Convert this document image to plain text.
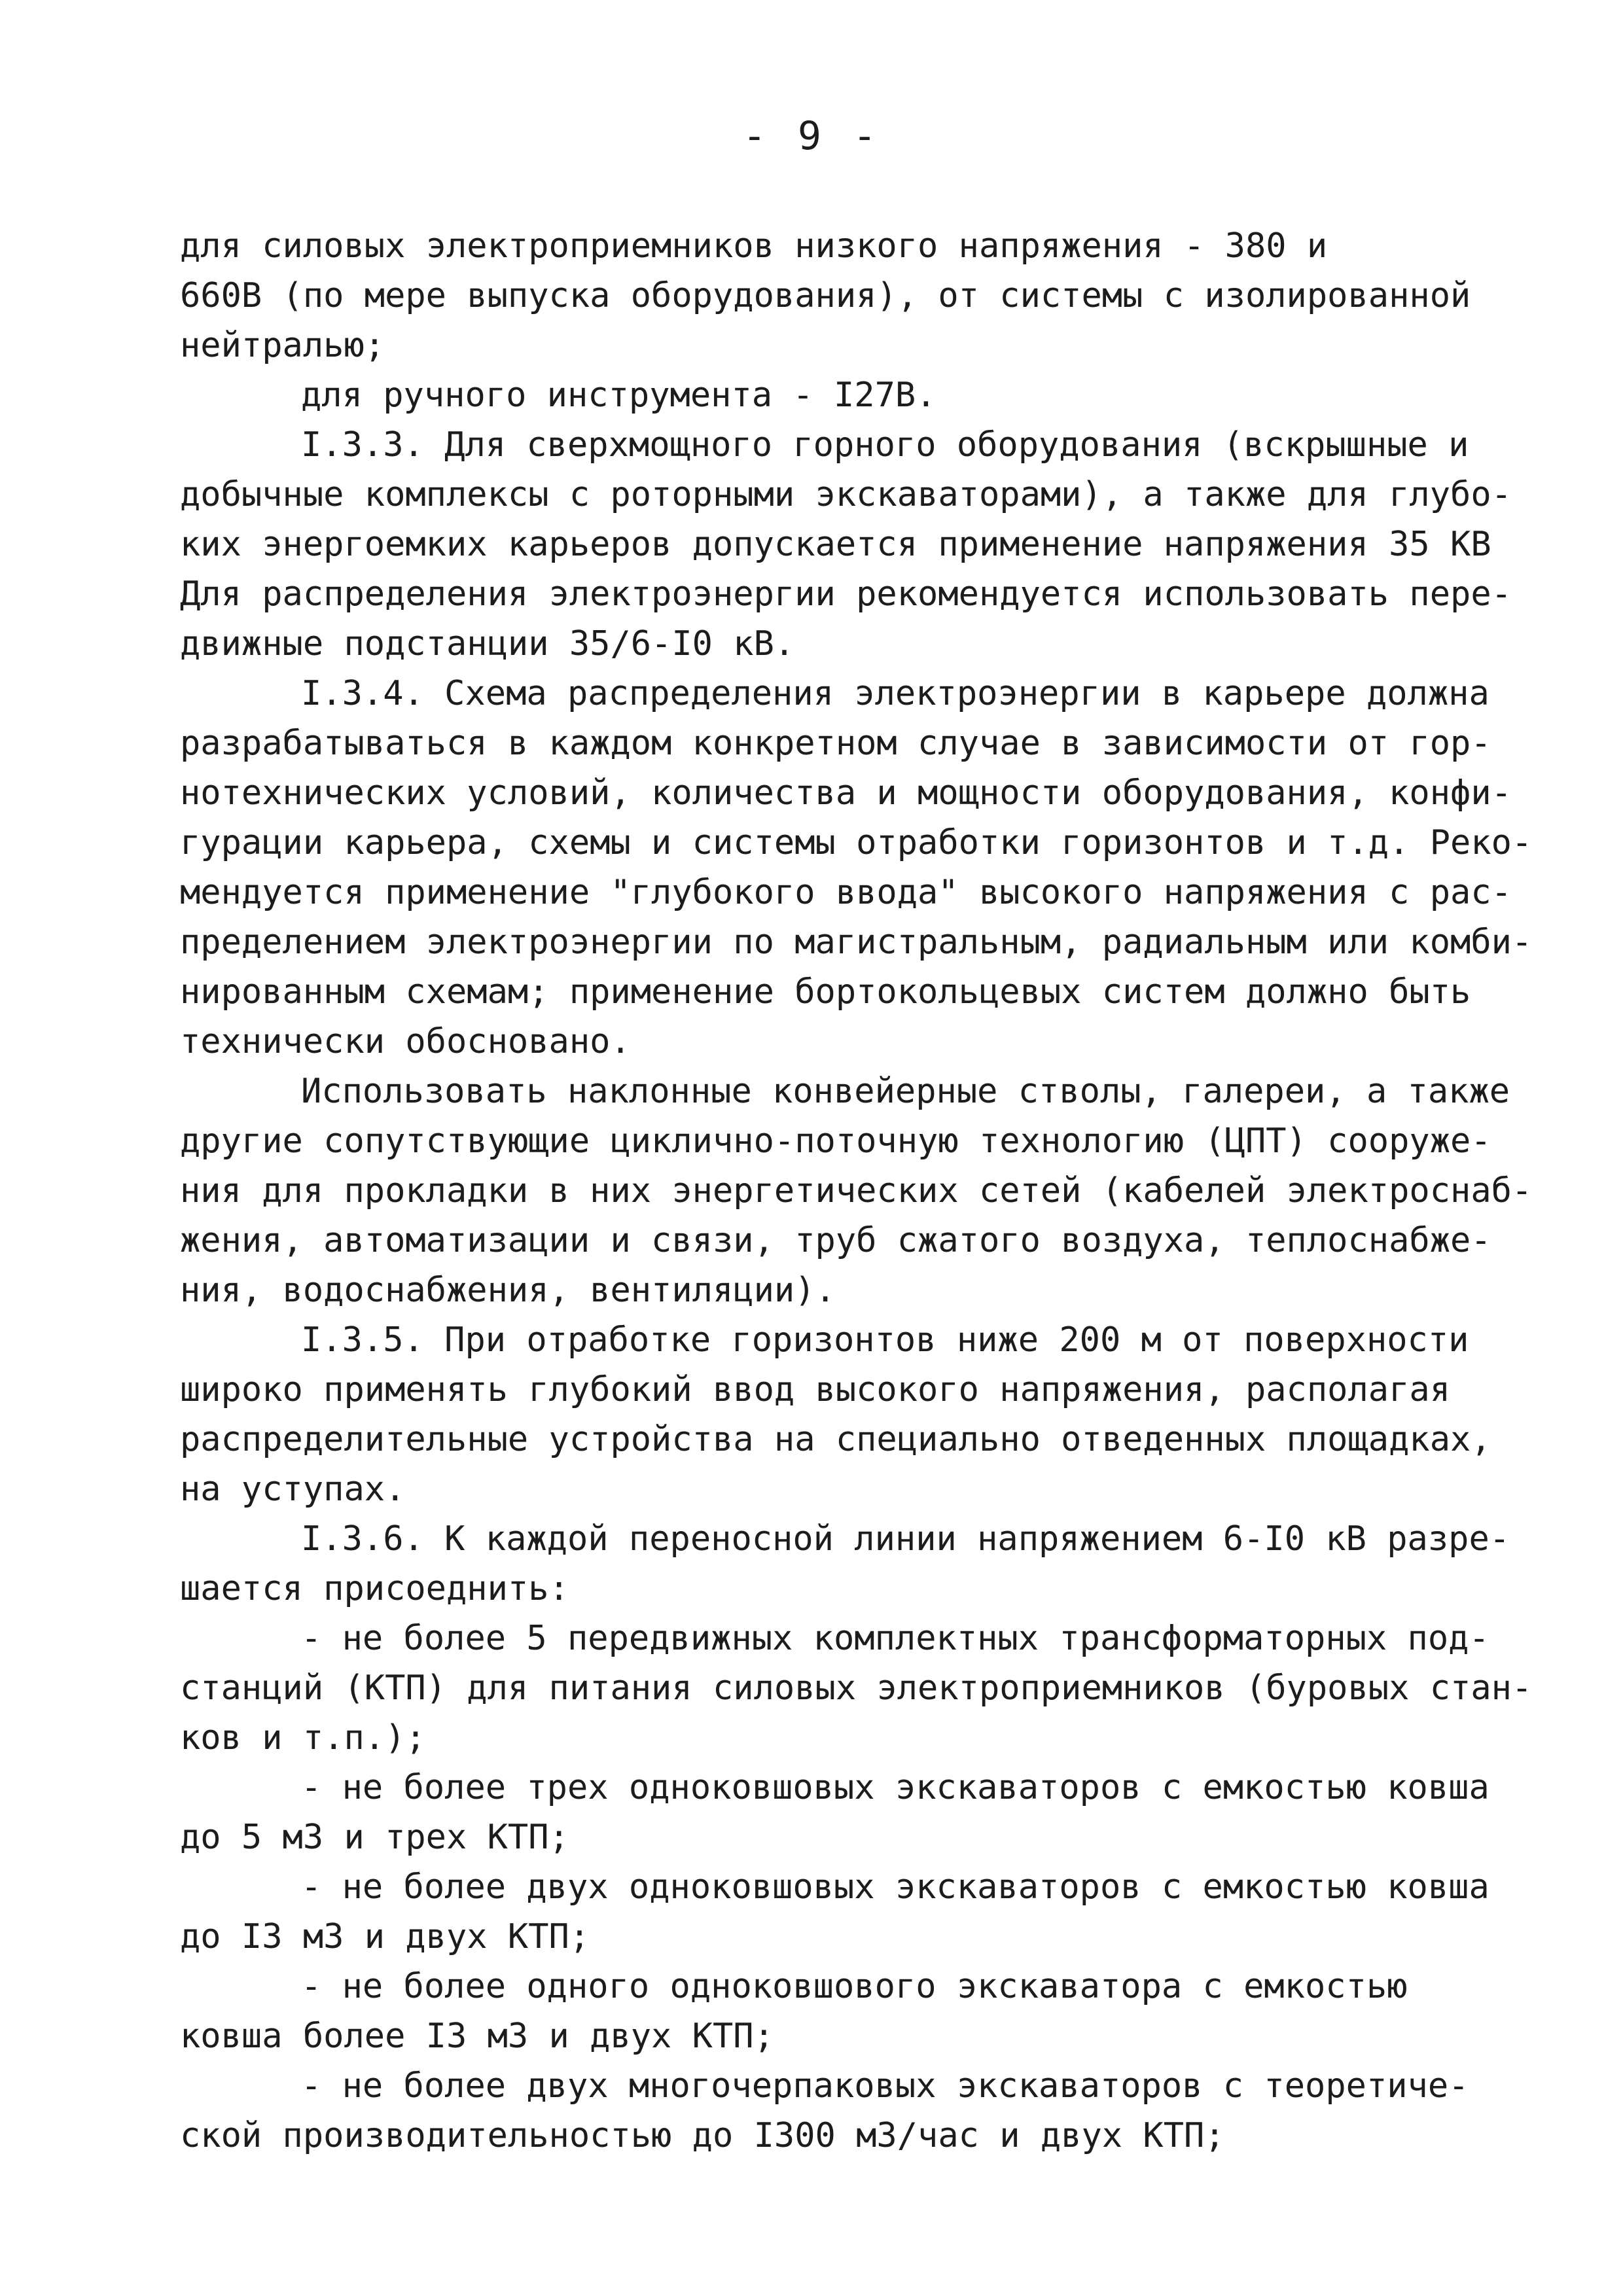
- 9 -
для силовых электроприемников низкого напряжения - 380 и
660В (по мере выпуска оборудования), от системы с изолированной
нейтралью;
для ручного инструмента - I27В.
I.3.3. Для сверхмощного горного оборудования (вскрышные и
добычные комплексы с роторными экскаваторами), а также для глубо-
ких энергоемких карьеров допускается применение напряжения 35 КВ
Для распределения электроэнергии рекомендуется использовать пере-
движные подстанции 35/6-I0 кВ.
I.3.4. Схема распределения электроэнергии в карьере должна
разрабатываться в каждом конкретном случае в зависимости от гор-
нотехнических условий, количества и мощности оборудования, конфи-
гурации карьера, схемы и системы отработки горизонтов и т.д. Реко-
мендуется применение "глубокого ввода" высокого напряжения с рас-
пределением электроэнергии по магистральным, радиальным или комби-
нированным схемам; применение бортокольцевых систем должно быть
технически обосновано.
Использовать наклонные конвейерные стволы, галереи, а также
другие сопутствующие циклично-поточную технологию (ЦПТ) сооруже-
ния для прокладки в них энергетических сетей (кабелей электроснаб-
жения, автоматизации и связи, труб сжатого воздуха, теплоснабже-
ния, водоснабжения, вентиляции).
I.3.5. При отработке горизонтов ниже 200 м от поверхности
широко применять глубокий ввод высокого напряжения, располагая
распределительные устройства на специально отведенных площадках,
на уступах.
I.3.6. К каждой переносной линии напряжением 6-I0 кВ разре-
шается присоеднить:
- не более 5 передвижных комплектных трансформаторных под-
станций (КТП) для питания силовых электроприемников (буровых стан-
ков и т.п.);
- не более трех одноковшовых экскаваторов с емкостью ковша
до 5 м3 и трех КТП;
- не более двух одноковшовых экскаваторов с емкостью ковша
до I3 м3 и двух КТП;
- не более одного одноковшового экскаватора с емкостью
ковша более I3 м3 и двух КТП;
- не более двух многочерпаковых экскаваторов с теоретиче-
ской производительностью до I300 м3/час и двух КТП;
